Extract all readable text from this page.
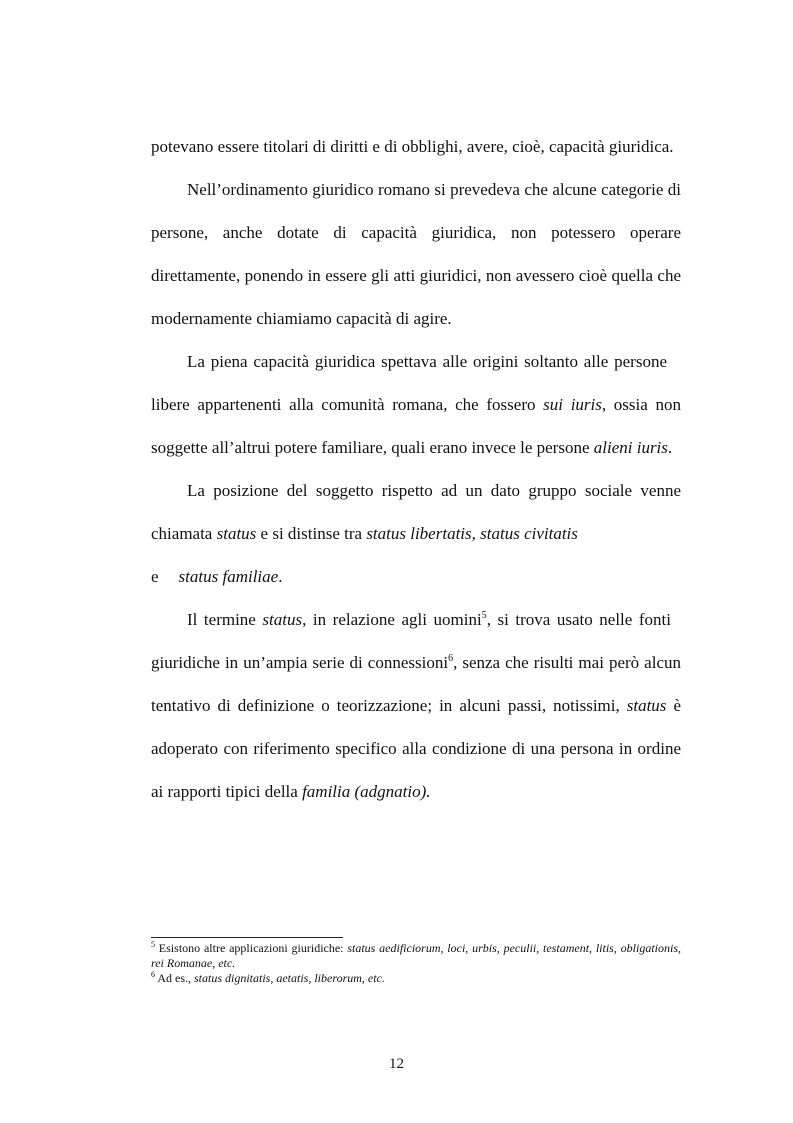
potevano essere titolari di diritti e di obblighi, avere, cioè, capacità giuridica.

Nell’ordinamento giuridico romano si prevedeva che alcune categorie di persone, anche dotate di capacità giuridica, non potessero operare direttamente, ponendo in essere gli atti giuridici, non avessero cioè quella che modernamente chiamiamo capacità di agire.

La piena capacità giuridica spettava alle origini soltanto alle personelibere appartenenti alla comunità romana, che fossero sui iuris, ossia non soggette all’altrui potere familiare, quali erano invece le persone alieni iuris.

La posizione del soggetto rispetto ad un dato gruppo sociale venne chiamata status e si distinse tra status libertatis, status civitatis
e status familiae.

Il termine status, in relazione agli uomini$^5$, si trova usato nelle fontigiuridiche in un’ampia serie di connessioni$^6$, senza che risulti mai però alcun tentativo di definizione o teorizzazione; in alcuni passi, notissimi, status è adoperato con riferimento specifico alla condizione di una persona in ordine ai rapporti tipici della familia (adgnatio).

$^5$ Esistono altre applicazioni giuridiche: status aedificiorum, loci, urbis, peculii, testament, litis, obligationis, rei Romanae, etc.

$^6$ Ad es., status dignitatis, aetatis, liberorum, etc.

12
